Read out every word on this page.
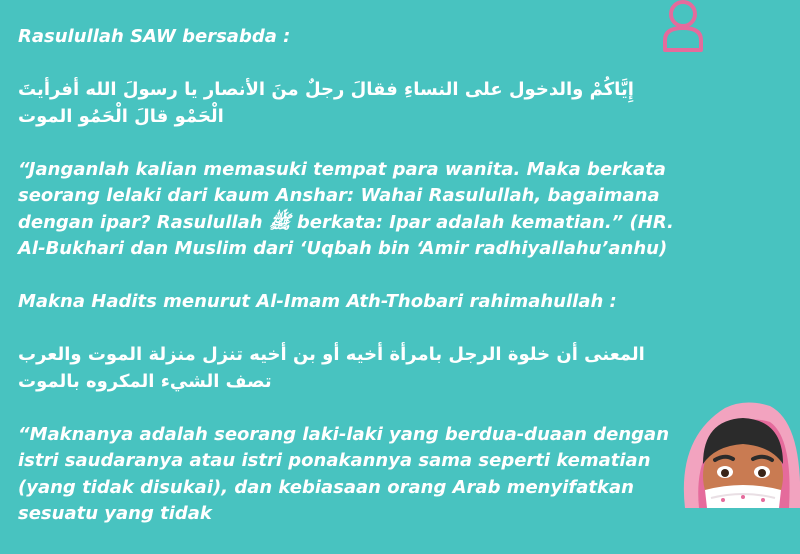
Rasulullah SAW bersabda :

إِيَّاكُمْ والدخول على النساءِ فقالَ رجلٌ منَ الأنصار يا رسولَ الله أفرأيتَ الْحَمْو قالَ الْحَمُو الموت

“Janganlah kalian memasuki tempat para wanita. Maka berkata seorang lelaki dari kaum Anshar: Wahai Rasulullah, bagaimana dengan ipar? Rasulullah ﷺ berkata: Ipar adalah kematian.” (HR. Al-Bukhari dan Muslim dari ‘Uqbah bin ‘Amir radhiyallahu’anhu)

Makna Hadits menurut Al-Imam Ath-Thobari rahimahullah :

المعنى أن خلوة الرجل بامرأة أخيه أو بن أخيه تنزل منزلة الموت والعرب تصف الشيء المكروه بالموت

“Maknanya adalah seorang laki-laki yang berdua-duaan dengan istri saudaranya atau istri ponakannya sama seperti kematian (yang tidak disukai), dan kebiasaan orang Arab menyifatkan sesuatu yang tidak
